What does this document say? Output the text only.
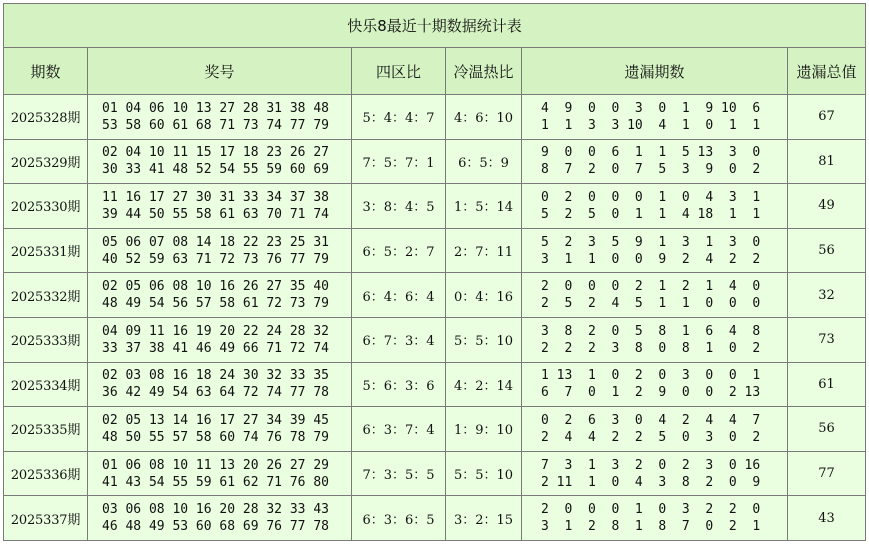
快乐8最近十期数据统计表					
期数	奖号	四区比	冷温热比	遗漏期数	遗漏总值
2025328期	01 04 06 10 13 27 28 31 38 48
53 58 60 61 68 71 73 74 77 79	5：4：4：7	4：6：10	4  9  0  0  3  0  1  9 10  6
1  1  3  3 10  4  1  0  1  1	67
2025329期	02 04 10 11 15 17 18 23 26 27
30 33 41 48 52 54 55 59 60 69	7：5：7：1	6：5：9	9  0  0  6  1  1  5 13  3  0
8  7  2  0  7  5  3  9  0  2	81
2025330期	11 16 17 27 30 31 33 34 37 38
39 44 50 55 58 61 63 70 71 74	3：8：4：5	1：5：14	0  2  0  0  0  1  0  4  3  1
5  2  5  0  1  1  4 18  1  1	49
2025331期	05 06 07 08 14 18 22 23 25 31
40 52 59 63 71 72 73 76 77 79	6：5：2：7	2：7：11	5  2  3  5  9  1  3  1  3  0
3  1  1  0  0  9  2  4  2  2	56
2025332期	02 05 06 08 10 16 26 27 35 40
48 49 54 56 57 58 61 72 73 79	6：4：6：4	0：4：16	2  0  0  0  2  1  2  1  4  0
2  5  2  4  5  1  1  0  0  0	32
2025333期	04 09 11 16 19 20 22 24 28 32
33 37 38 41 46 49 66 71 72 74	6：7：3：4	5：5：10	3  8  2  0  5  8  1  6  4  8
2  2  2  3  8  0  8  1  0  2	73
2025334期	02 03 08 16 18 24 30 32 33 35
36 42 49 54 63 64 72 74 77 78	5：6：3：6	4：2：14	1 13  1  0  2  0  3  0  0  1
6  7  0  1  2  9  0  0  2 13	61
2025335期	02 05 13 14 16 17 27 34 39 45
48 50 55 57 58 60 74 76 78 79	6：3：7：4	1：9：10	0  2  6  3  0  4  2  4  4  7
2  4  4  2  2  5  0  3  0  2	56
2025336期	01 06 08 10 11 13 20 26 27 29
41 43 54 55 59 61 62 71 76 80	7：3：5：5	5：5：10	7  3  1  3  2  0  2  3  0 16
2 11  1  0  4  3  8  2  0  9	77
2025337期	03 06 08 10 16 20 28 32 33 43
46 48 49 53 60 68 69 76 77 78	6：3：6：5	3：2：15	2  0  0  0  1  0  3  2  2  0
3  1  2  8  1  8  7  0  2  1	43
